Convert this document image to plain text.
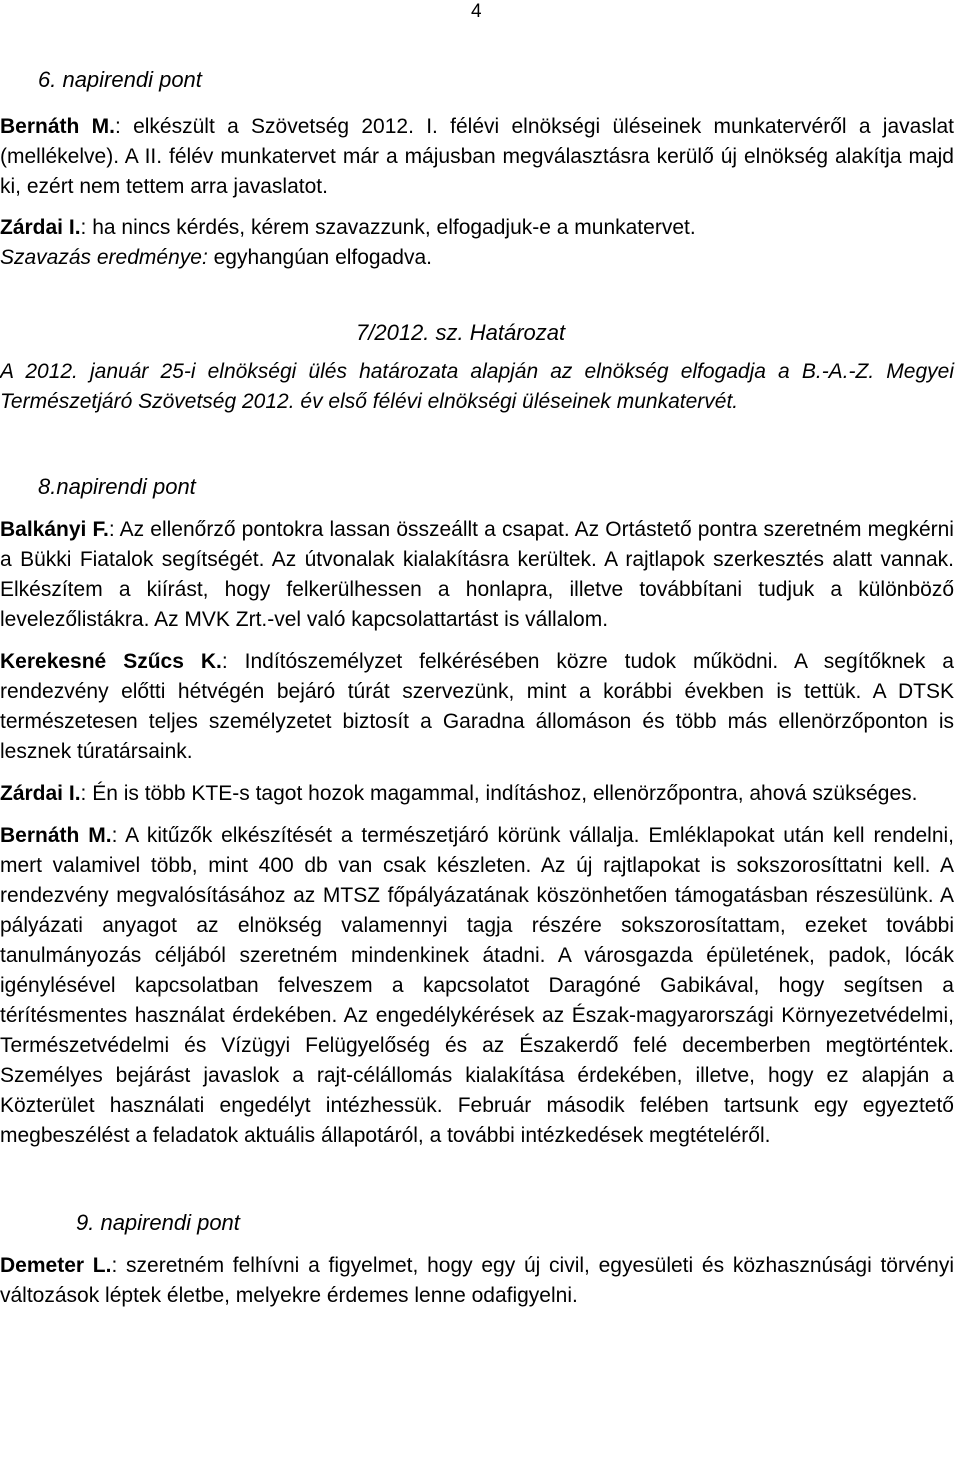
4
6. napirendi pont

Bernáth M.: elkészült a Szövetség 2012. I. félévi elnökségi üléseinek munkatervéről a javaslat (mellékelve). A II. félév munkatervet már a májusban megválasztásra kerülő új elnökség alakítja majd ki, ezért nem tettem arra javaslatot.

Zárdai I.: ha nincs kérdés, kérem szavazzunk, elfogadjuk-e a munkatervet.

Szavazás eredménye: egyhangúan elfogadva.

7/2012. sz. Határozat

A 2012. január 25-i elnökségi ülés határozata alapján az elnökség elfogadja a B.-A.-Z. Megyei Természetjáró Szövetség 2012. év első félévi elnökségi üléseinek munkatervét.

8.napirendi pont

Balkányi F.: Az ellenőrző pontokra lassan összeállt a csapat. Az Ortástető pontra szeretném megkérni a Bükki Fiatalok segítségét. Az útvonalak kialakításra kerültek. A rajtlapok szerkesztés alatt vannak. Elkészítem a kiírást, hogy felkerülhessen a honlapra, illetve továbbítani tudjuk a különböző levelezőlistákra. Az MVK Zrt.-vel való kapcsolattartást is vállalom.

Kerekesné Szűcs K.: Indítószemélyzet felkérésében közre tudok működni. A segítőknek a rendezvény előtti hétvégén bejáró túrát szervezünk, mint a korábbi években is tettük. A DTSK természetesen teljes személyzetet biztosít a Garadna állomáson és több más ellenörzőponton is lesznek túratársaink.

Zárdai I.: Én is több KTE-s tagot hozok magammal, indításhoz, ellenörzőpontra, ahová szükséges.

Bernáth M.: A kitűzők elkészítését a természetjáró körünk vállalja. Emléklapokat után kell rendelni, mert valamivel több, mint 400 db van csak készleten. Az új rajtlapokat is sokszorosíttatni kell. A rendezvény megvalósításához az MTSZ főpályázatának köszönhetően támogatásban részesülünk. A pályázati anyagot az elnökség valamennyi tagja részére sokszorosítattam, ezeket további tanulmányozás céljából szeretném mindenkinek átadni. A városgazda épületének, padok, lócák igénylésével kapcsolatban felveszem a kapcsolatot Daragóné Gabikával, hogy segítsen a térítésmentes használat érdekében. Az engedélykérések az Észak-magyarországi Környezetvédelmi, Természetvédelmi és Vízügyi Felügyelőség és az Északerdő felé decemberben megtörténtek. Személyes bejárást javaslok a rajt-célállomás kialakítása érdekében, illetve, hogy ez alapján a Közterület használati engedélyt intézhessük. Február második felében tartsunk egy egyeztető megbeszélést a feladatok aktuális állapotáról, a további intézkedések megtételéről.

9. napirendi pont

Demeter L.: szeretném felhívni a figyelmet, hogy egy új civil, egyesületi és közhasznúsági törvényi változások léptek életbe, melyekre érdemes lenne odafigyelni.
